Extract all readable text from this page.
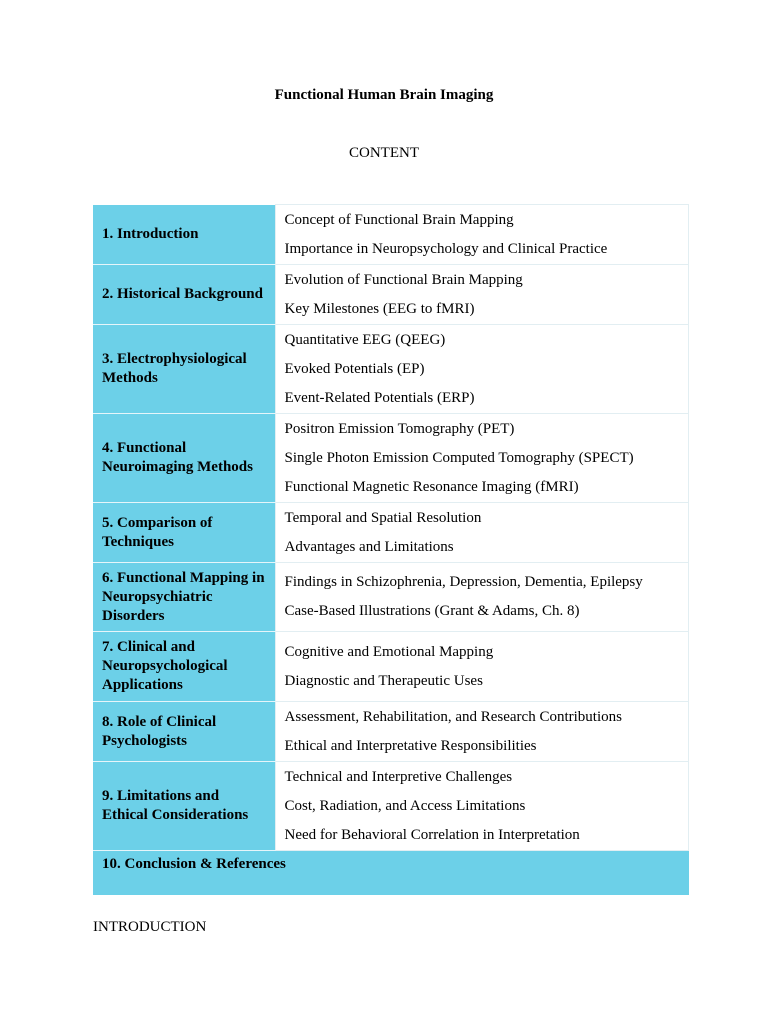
Functional Human Brain Imaging
CONTENT
1. Introduction	Concept of Functional Brain Mapping
Importance in Neuropsychology and Clinical Practice

2. Historical Background	Evolution of Functional Brain Mapping
Key Milestones (EEG to fMRI)

3. Electrophysiological Methods	Quantitative EEG (QEEG)
Evoked Potentials (EP)
Event-Related Potentials (ERP)

4. Functional Neuroimaging Methods	Positron Emission Tomography (PET)
Single Photon Emission Computed Tomography (SPECT)
Functional Magnetic Resonance Imaging (fMRI)

5. Comparison of Techniques	Temporal and Spatial Resolution
Advantages and Limitations

6. Functional Mapping in Neuropsychiatric Disorders	Findings in Schizophrenia, Depression, Dementia, Epilepsy
Case-Based Illustrations (Grant & Adams, Ch. 8)

7. Clinical and Neuropsychological Applications	Cognitive and Emotional Mapping
Diagnostic and Therapeutic Uses

8. Role of Clinical Psychologists	Assessment, Rehabilitation, and Research Contributions
Ethical and Interpretative Responsibilities

9. Limitations and Ethical Considerations	Technical and Interpretive Challenges
Cost, Radiation, and Access Limitations
Need for Behavioral Correlation in Interpretation

10. Conclusion & References	
INTRODUCTION
